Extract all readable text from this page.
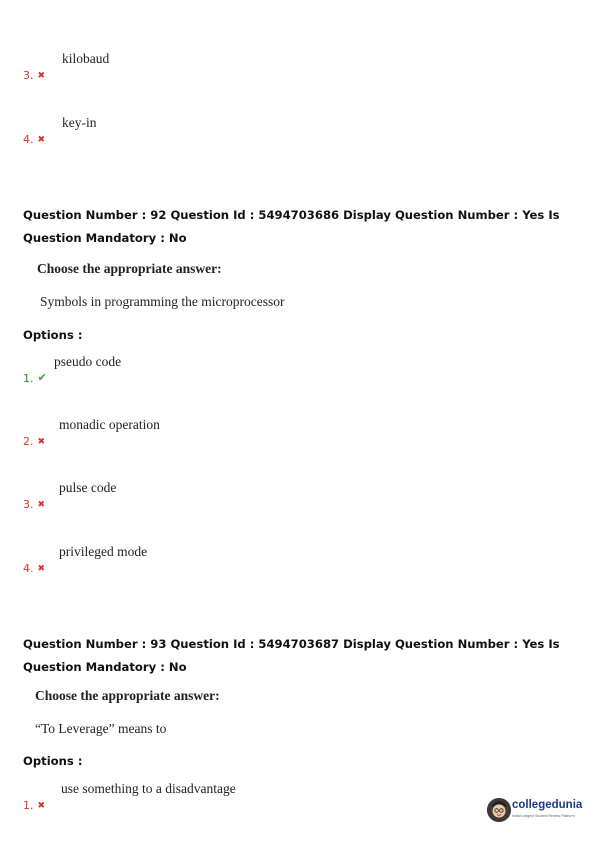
3. ✖
kilobaud
4. ✖
key-in
Question Number : 92 Question Id : 5494703686 Display Question Number : Yes Is Question Mandatory : No
Choose the appropriate answer:
Symbols in programming the microprocessor
Options :
1. ✔
pseudo code
2. ✖
monadic operation
3. ✖
pulse code
4. ✖
privileged mode
Question Number : 93 Question Id : 5494703687 Display Question Number : Yes Is Question Mandatory : No
Choose the appropriate answer:
“To Leverage” means to
Options :
1. ✖
use something to a disadvantage
collegedunia
India's largest Student Review Platform
